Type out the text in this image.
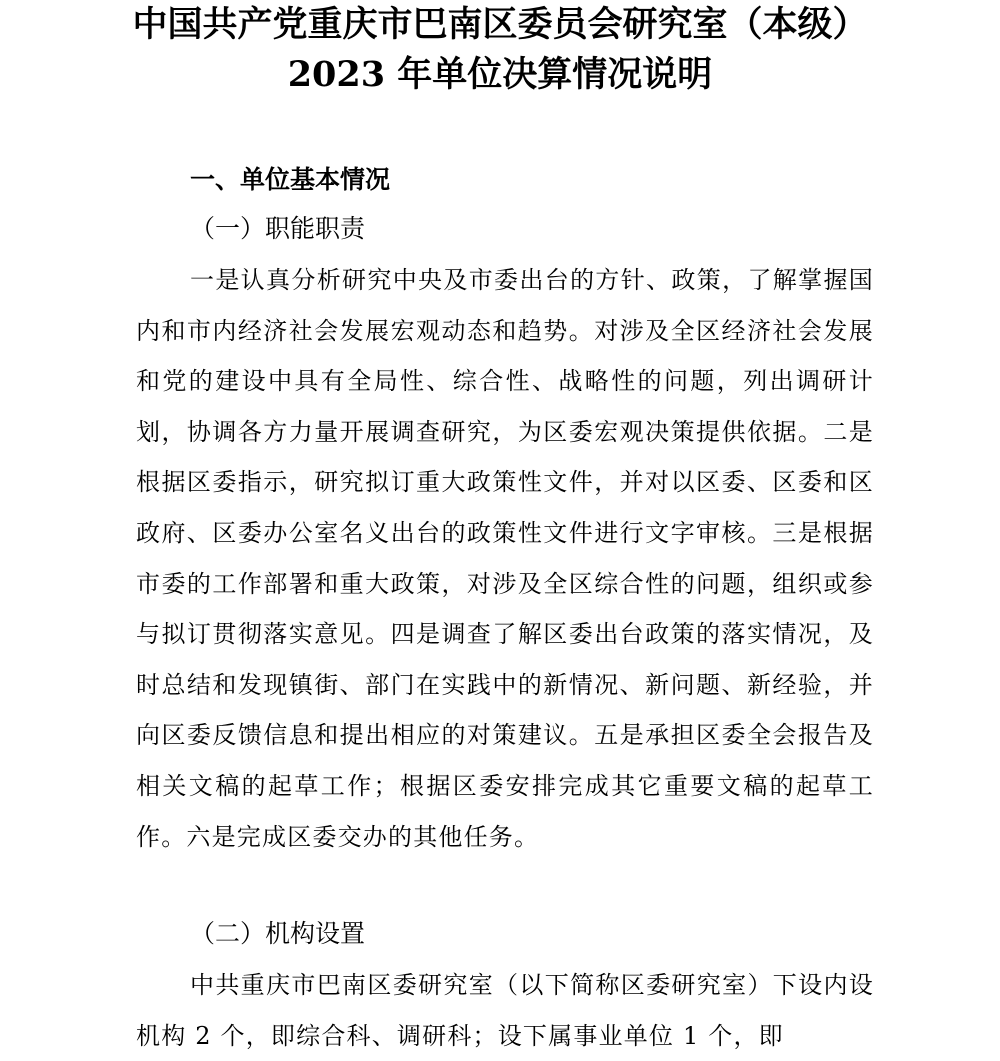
中国共产党重庆市巴南区委员会研究室（本级）
2023 年单位决算情况说明
一、单位基本情况
（一）职能职责
一是认真分析研究中央及市委出台的方针、政策，了解掌握国内和市内经济社会发展宏观动态和趋势。对涉及全区经济社会发展和党的建设中具有全局性、综合性、战略性的问题，列出调研计划，协调各方力量开展调查研究，为区委宏观决策提供依据。二是根据区委指示，研究拟订重大政策性文件，并对以区委、区委和区政府、区委办公室名义出台的政策性文件进行文字审核。三是根据市委的工作部署和重大政策，对涉及全区综合性的问题，组织或参与拟订贯彻落实意见。四是调查了解区委出台政策的落实情况，及时总结和发现镇街、部门在实践中的新情况、新问题、新经验，并向区委反馈信息和提出相应的对策建议。五是承担区委全会报告及相关文稿的起草工作；根据区委安排完成其它重要文稿的起草工作。六是完成区委交办的其他任务。
（二）机构设置
中共重庆市巴南区委研究室（以下简称区委研究室）下设内设机构 2 个，即综合科、调研科；设下属事业单位 1 个，即
